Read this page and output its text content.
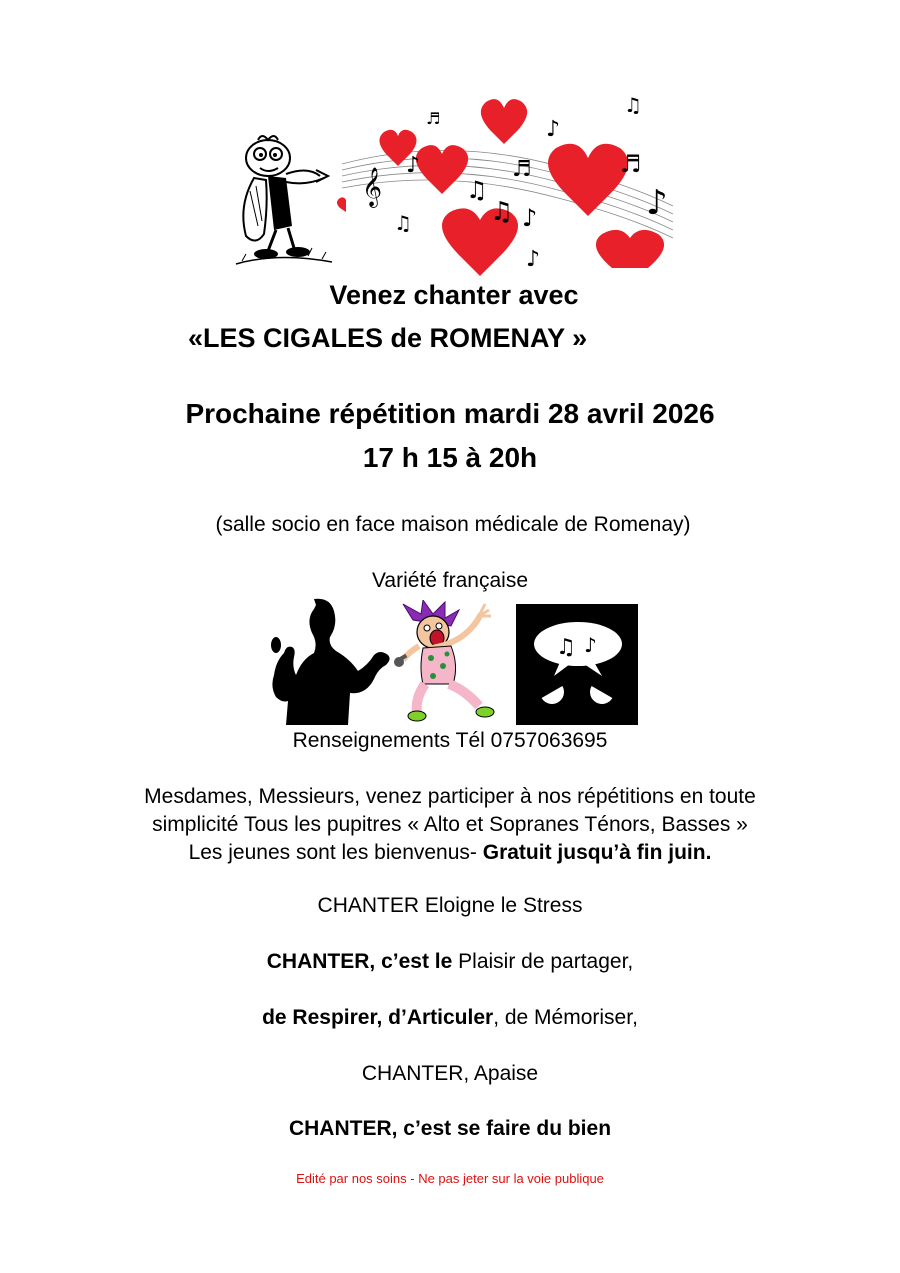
𝄞
♪
♫
♫
♬
♪
♪
♬
♫
♬
♪
♫
♪
Venez chanter avec
«LES CIGALES de ROMENAY »
Prochaine répétition mardi 28 avril 2026
17 h 15 à 20h
(salle socio en face maison médicale de Romenay)
Variété française
♫ ♪
Renseignements Tél 0757063695
Mesdames, Messieurs, venez participer à nos répétitions en toute
simplicité Tous les pupitres « Alto et Sopranes Ténors, Basses »
Les jeunes sont les bienvenus- Gratuit jusqu’à fin juin.
CHANTER Eloigne le Stress
CHANTER, c’est le Plaisir de partager,
de Respirer, d’Articuler, de Mémoriser,
CHANTER, Apaise
CHANTER, c’est se faire du bien
Edité par nos soins - Ne pas jeter sur la voie publique
